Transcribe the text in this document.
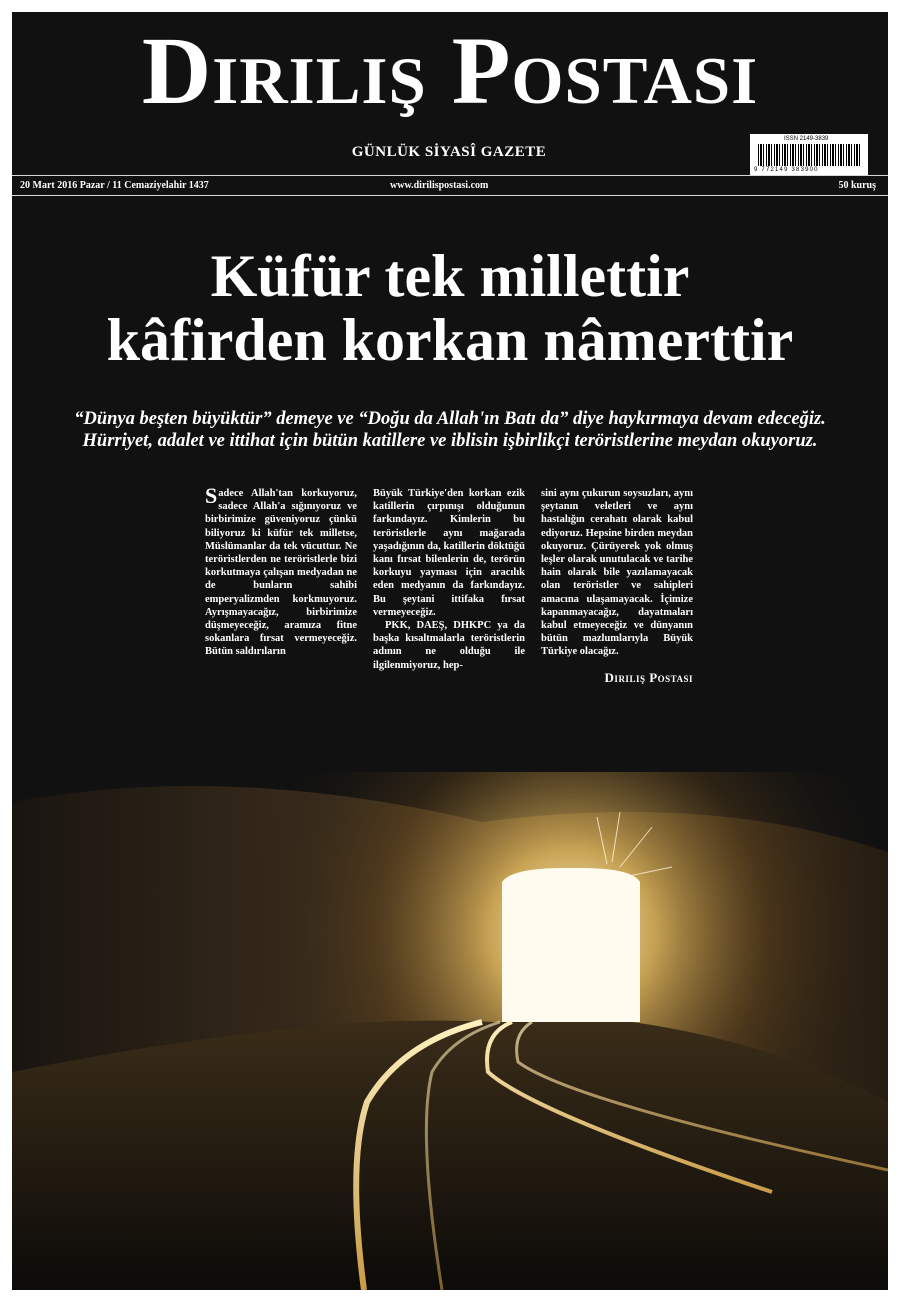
Diriliş Postası
GÜNLÜK SİYASÎ GAZETE
ISSN 2149-3839
9 772149 383900
20 Mart 2016 Pazar / 11 Cemaziyelahir 1437	www.dirilispostasi.com	50 kuruş
Küfür tek millettir
kâfirden korkan nâmerttir
“Dünya beşten büyüktür” demeye ve “Doğu da Allah'ın Batı da” diye haykırmaya devam edeceğiz.
Hürriyet, adalet ve ittihat için bütün katillere ve iblisin işbirlikçi teröristlerine meydan okuyoruz.

Sadece Allah'tan korkuyoruz, sadece Allah'a sığınıyoruz ve birbirimize güveniyoruz çünkü biliyoruz ki küfür tek milletse, Müslümanlar da tek vücuttur. Ne teröristlerden ne teröristlerle bizi korkutmaya çalışan medyadan ne de bunların sahibi emperyalizmden korkmuyoruz. Ayrışmayacağız, birbirimize düşmeyeceğiz, aramıza fitne sokanlara fırsat vermeyeceğiz. Bütün saldırıların

Büyük Türkiye'den korkan ezik katillerin çırpınışı olduğunun farkındayız. Kimlerin bu teröristlerle aynı mağarada yaşadığının da, katillerin döktüğü kanı fırsat bilenlerin de, terörün korkuyu yayması için aracılık eden medyanın da farkındayız. Bu şeytani ittifaka fırsat vermeyeceğiz.

PKK, DAEŞ, DHKPC ya da başka kısaltmalarla teröristlerin adının ne olduğu ile ilgilenmiyoruz, hep-

sini aynı çukurun soysuzları, aynı şeytanın veletleri ve aynı hastalığın cerahatı olarak kabul ediyoruz. Hepsine birden meydan okuyoruz. Çürüyerek yok olmuş leşler olarak unutulacak ve tarihe hain olarak bile yazılamayacak olan teröristler ve sahipleri amacına ulaşamayacak. İçimize kapanmayacağız, dayatmaları kabul etmeyeceğiz ve dünyanın bütün mazlumlarıyla Büyük Türkiye olacağız.

Diriliş Postası
